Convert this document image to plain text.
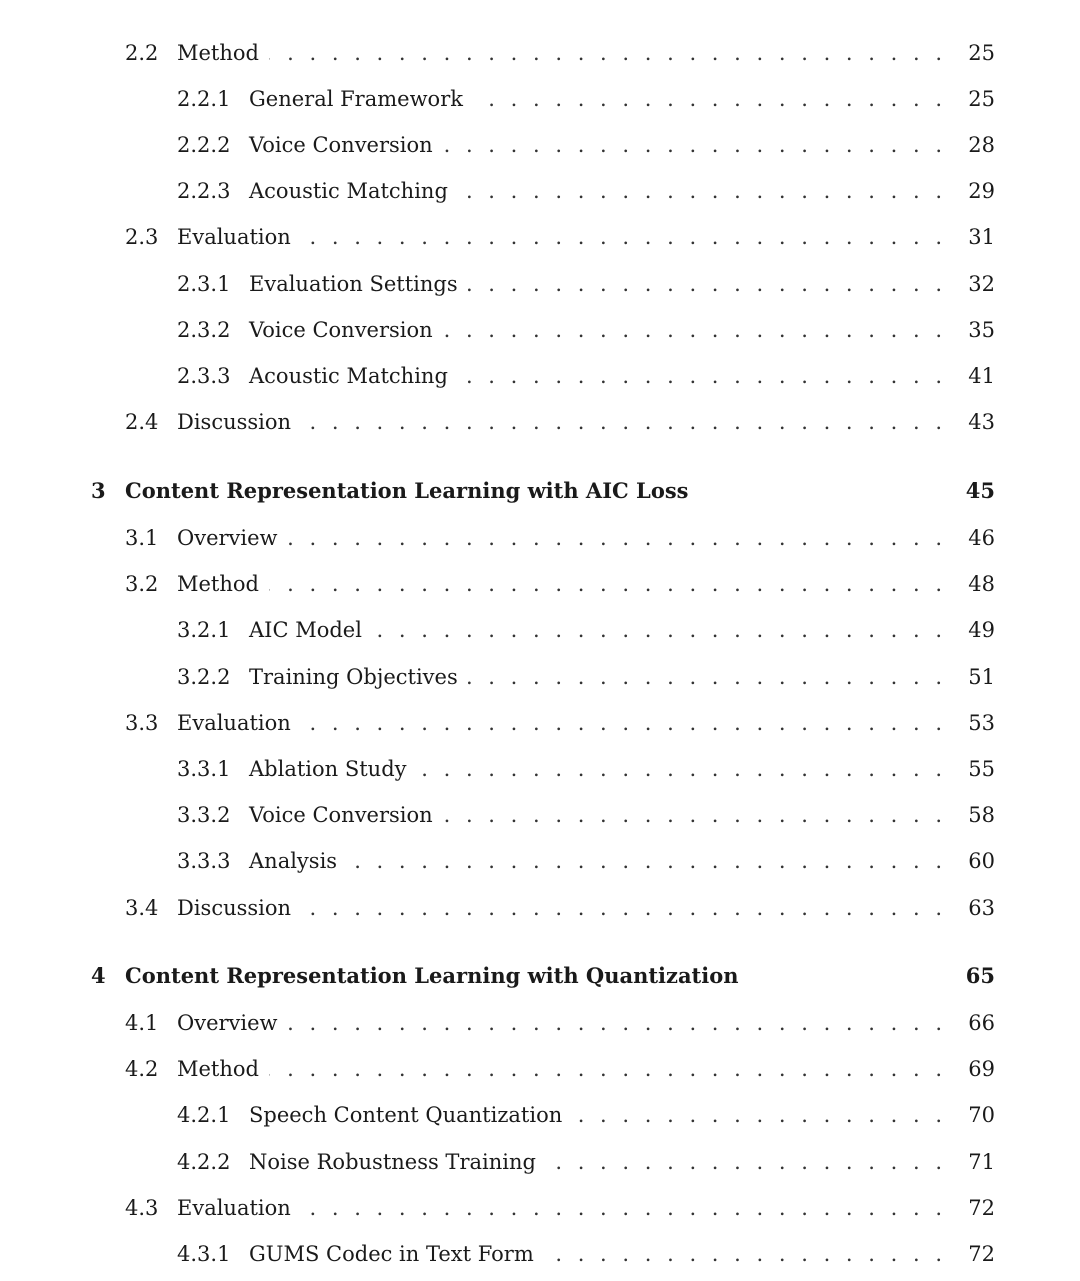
. . .
2.2 Method	25
. . .
2.2.1 General Framework	25
. . .
2.2.2 Voice Conversion	28
. . .
2.2.3 Acoustic Matching	29
. . .
2.3 Evaluation	31
. . .
2.3.1 Evaluation Settings	32
. . .
2.3.2 Voice Conversion	35
. . .
2.3.3 Acoustic Matching	41
. . .
2.4 Discussion	43
3 Content Representation Learning with AIC Loss	45
. . .
3.1 Overview	46
. . .
3.2 Method	48
. . .
3.2.1 AIC Model	49
. . .
3.2.2 Training Objectives	51
. . .
3.3 Evaluation	53
. . .
3.3.1 Ablation Study	55
. . .
3.3.2 Voice Conversion	58
. . .
3.3.3 Analysis	60
. . .
3.4 Discussion	63
4 Content Representation Learning with Quantization	65
. . .
4.1 Overview	66
. . .
4.2 Method	69
. . .
4.2.1 Speech Content Quantization	70
. . .
4.2.2 Noise Robustness Training	71
. . .
4.3 Evaluation	72
. . .
4.3.1 GUMS Codec in Text Form	72
